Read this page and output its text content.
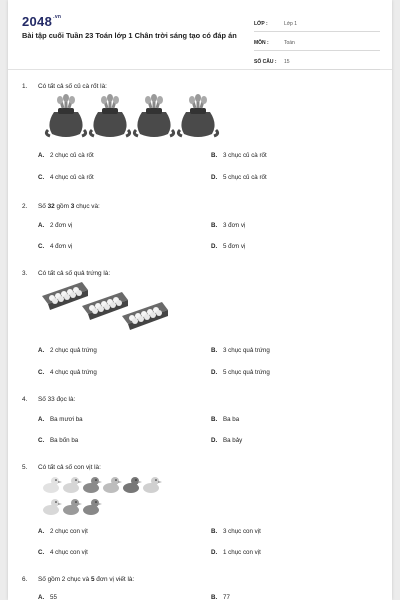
$2048^{.vn}$
Bài tập cuối Tuần 23 Toán lớp 1 Chân trời sáng tạo có đáp án
LỚP :	Lớp 1
MÔN :	Toán
SỐ CÂU :	15
1.	Có tất cả số củ cà rốt là:
A. 2 chục củ cà rốt	B. 3 chục củ cà rốt
C. 4 chục củ cà rốt	D. 5 chục củ cà rốt
2.	Số 32 gồm 3 chục và:
A. 2 đơn vị	B. 3 đơn vị
C. 4 đơn vị	D. 5 đơn vị
3.	Có tất cả số quả trứng là:
A. 2 chục quả trứng	B. 3 chục quả trứng
C. 4 chục quả trứng	D. 5 chục quả trứng
4.	Số 33 đọc là:
A. Ba mươi ba	B. Ba ba
C. Ba bốn ba	D. Ba bảy
5.	Có tất cả số con vịt là:
A. 2 chục con vịt	B. 3 chục con vịt
C. 4 chục con vịt	D. 1 chục con vịt
6.	Số gồm 2 chục và 5 đơn vị viết là:
A. 55	B. 77
